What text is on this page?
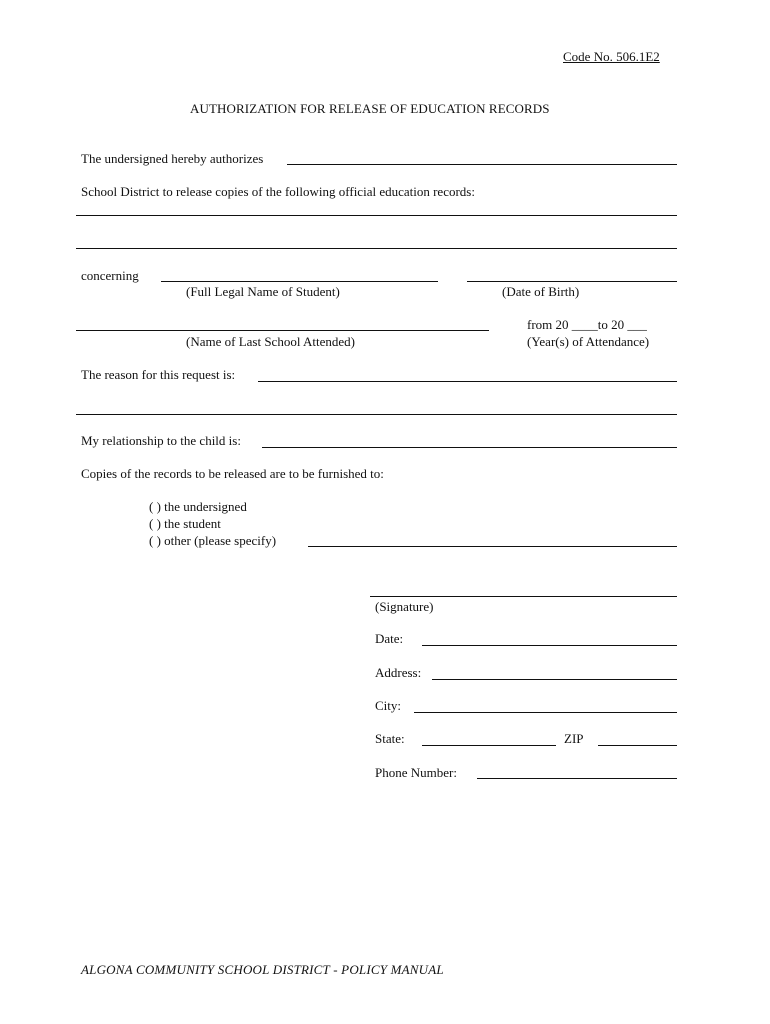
Code No. 506.1E2
AUTHORIZATION FOR RELEASE OF EDUCATION RECORDS
The undersigned hereby authorizes
School District to release copies of the following official education records:
concerning
(Full Legal Name of Student)	(Date of Birth)
from 20 ____to 20 ___
(Name of Last School Attended)	(Year(s) of Attendance)
The reason for this request is:
My relationship to the child is:
Copies of the records to be released are to be furnished to:
( ) the undersigned
( ) the student
( ) other (please specify)
(Signature)
Date:
Address:
City:
State:	ZIP
Phone Number:
ALGONA COMMUNITY SCHOOL DISTRICT - POLICY MANUAL
